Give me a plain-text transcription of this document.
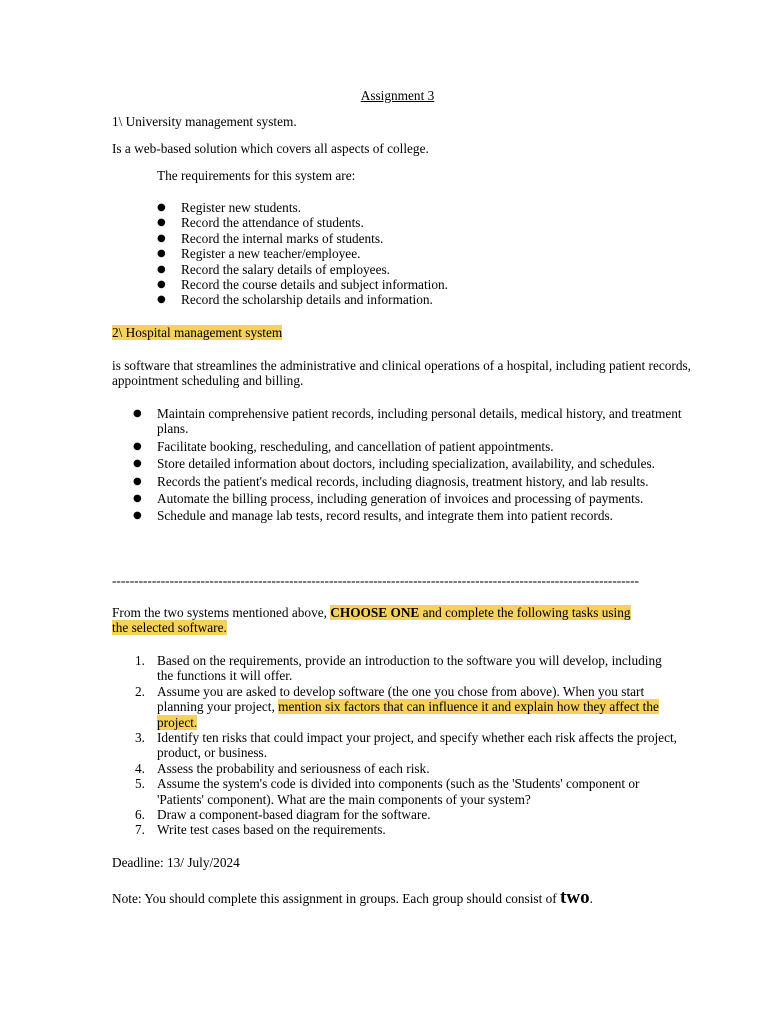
Assignment 3
1\ University management system.
Is a web-based solution which covers all aspects of college.
The requirements for this system are:
●	Register new students.
●	Record the attendance of students.
●	Record the internal marks of students.
●	Register a new teacher/employee.
●	Record the salary details of employees.
●	Record the course details and subject information.
●	Record the scholarship details and information.
2\ Hospital management system
is software that streamlines the administrative and clinical operations of a hospital, including patient records, appointment scheduling and billing.
●	Maintain comprehensive patient records, including personal details, medical history, and treatment plans.
●	Facilitate booking, rescheduling, and cancellation of patient appointments.
●	Store detailed information about doctors, including specialization, availability, and schedules.
●	Records the patient's medical records, including diagnosis, treatment history, and lab results.
●	Automate the billing process, including generation of invoices and processing of payments.
●	Schedule and manage lab tests, record results, and integrate them into patient records.
-----------------------------------------------------------------------------------------------------------------------
From the two systems mentioned above, CHOOSE ONE and complete the following tasks using
the selected software.
1. Based on the requirements, provide an introduction to the software you will develop, including the functions it will offer.
2. Assume you are asked to develop software (the one you chose from above). When you start planning your project, mention six factors that can influence it and explain how they affect the project.
3. Identify ten risks that could impact your project, and specify whether each risk affects the project, product, or business.
4. Assess the probability and seriousness of each risk.
5. Assume the system's code is divided into components (such as the 'Students' component or 'Patients' component). What are the main components of your system?
6. Draw a component-based diagram for the software.
7. Write test cases based on the requirements.
Deadline: 13/ July/2024
Note: You should complete this assignment in groups. Each group should consist of two.
